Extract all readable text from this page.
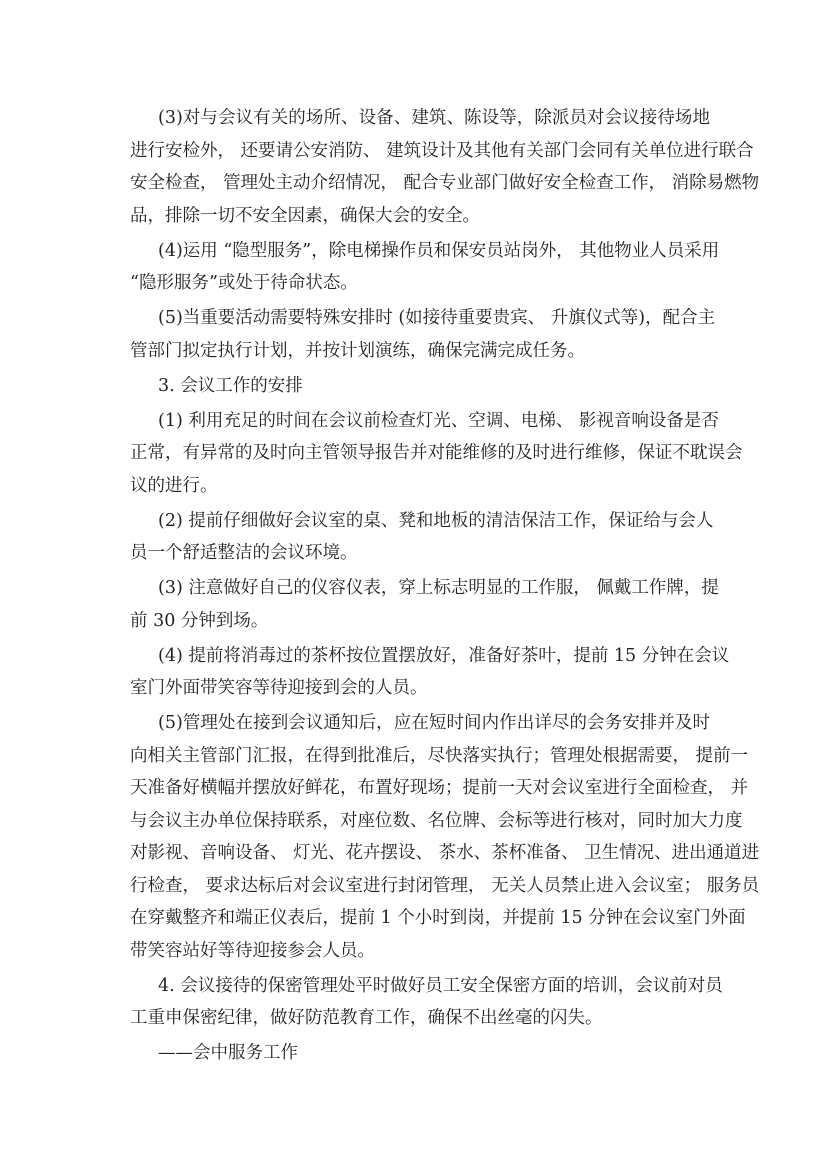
(3)对与会议有关的场所、设备、建筑、陈设等，除派员对会议接待场地
进行安检外， 还要请公安消防、 建筑设计及其他有关部门会同有关单位进行联合
安全检查， 管理处主动介绍情况， 配合专业部门做好安全检查工作， 消除易燃物
品，排除一切不安全因素，确保大会的安全。
(4)运用 “隐型服务”，除电梯操作员和保安员站岗外， 其他物业人员采用
“隐形服务”或处于待命状态。
(5)当重要活动需要特殊安排时 (如接待重要贵宾、 升旗仪式等)，配合主
管部门拟定执行计划，并按计划演练，确保完满完成任务。
3. 会议工作的安排
(1) 利用充足的时间在会议前检查灯光、空调、电梯、 影视音响设备是否
正常，有异常的及时向主管领导报告并对能维修的及时进行维修，保证不耽误会
议的进行。
(2) 提前仔细做好会议室的桌、凳和地板的清洁保洁工作，保证给与会人
员一个舒适整洁的会议环境。
(3) 注意做好自己的仪容仪表，穿上标志明显的工作服， 佩戴工作牌，提
前 30 分钟到场。
(4) 提前将消毒过的茶杯按位置摆放好，准备好茶叶，提前 15 分钟在会议
室门外面带笑容等待迎接到会的人员。
(5)管理处在接到会议通知后，应在短时间内作出详尽的会务安排并及时
向相关主管部门汇报，在得到批准后，尽快落实执行；管理处根据需要， 提前一
天准备好横幅并摆放好鲜花，布置好现场；提前一天对会议室进行全面检查， 并
与会议主办单位保持联系，对座位数、名位牌、会标等进行核对，同时加大力度
对影视、音响设备、 灯光、花卉摆设、 茶水、茶杯准备、 卫生情况、进出通道进
行检查， 要求达标后对会议室进行封闭管理， 无关人员禁止进入会议室； 服务员
在穿戴整齐和端正仪表后，提前 1 个小时到岗，并提前 15 分钟在会议室门外面
带笑容站好等待迎接参会人员。
4. 会议接待的保密管理处平时做好员工安全保密方面的培训，会议前对员
工重申保密纪律，做好防范教育工作，确保不出丝毫的闪失。
——会中服务工作
